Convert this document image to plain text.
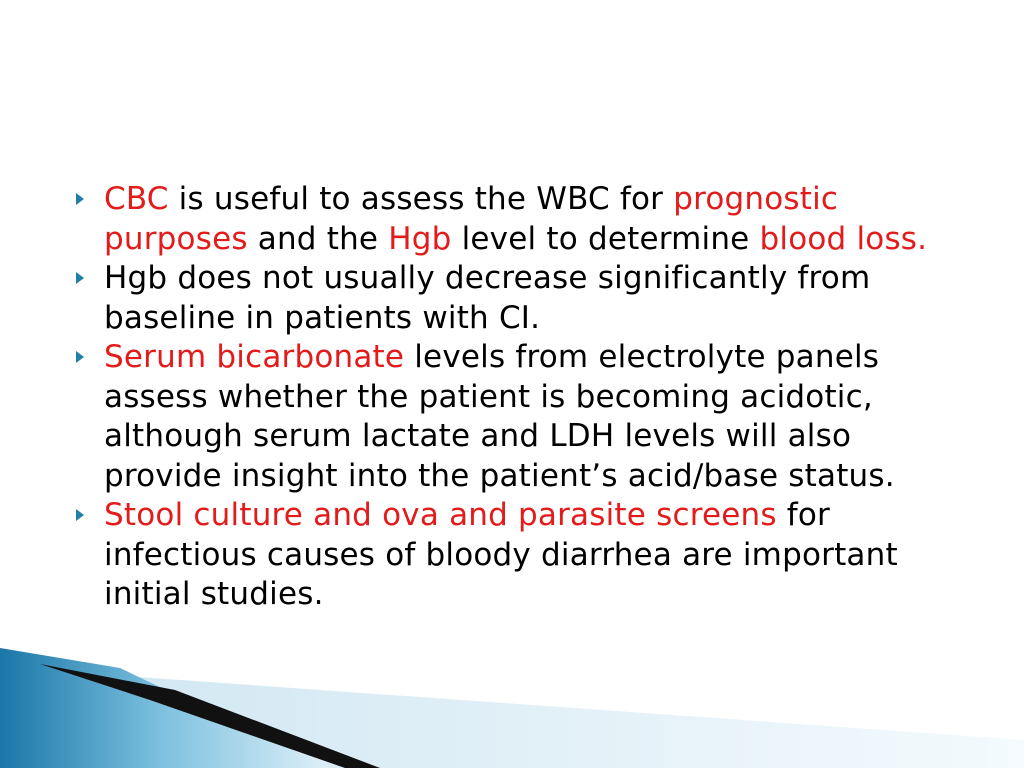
CBC is useful to assess the WBC for prognostic purposes and the Hgb level to determine blood loss.
Hgb does not usually decrease significantly from baseline in patients with CI.
Serum bicarbonate levels from electrolyte panels assess whether the patient is becoming acidotic, although serum lactate and LDH levels will also provide insight into the patient’s acid/base status.
Stool culture and ova and parasite screens for infectious causes of bloody diarrhea are important initial studies.
